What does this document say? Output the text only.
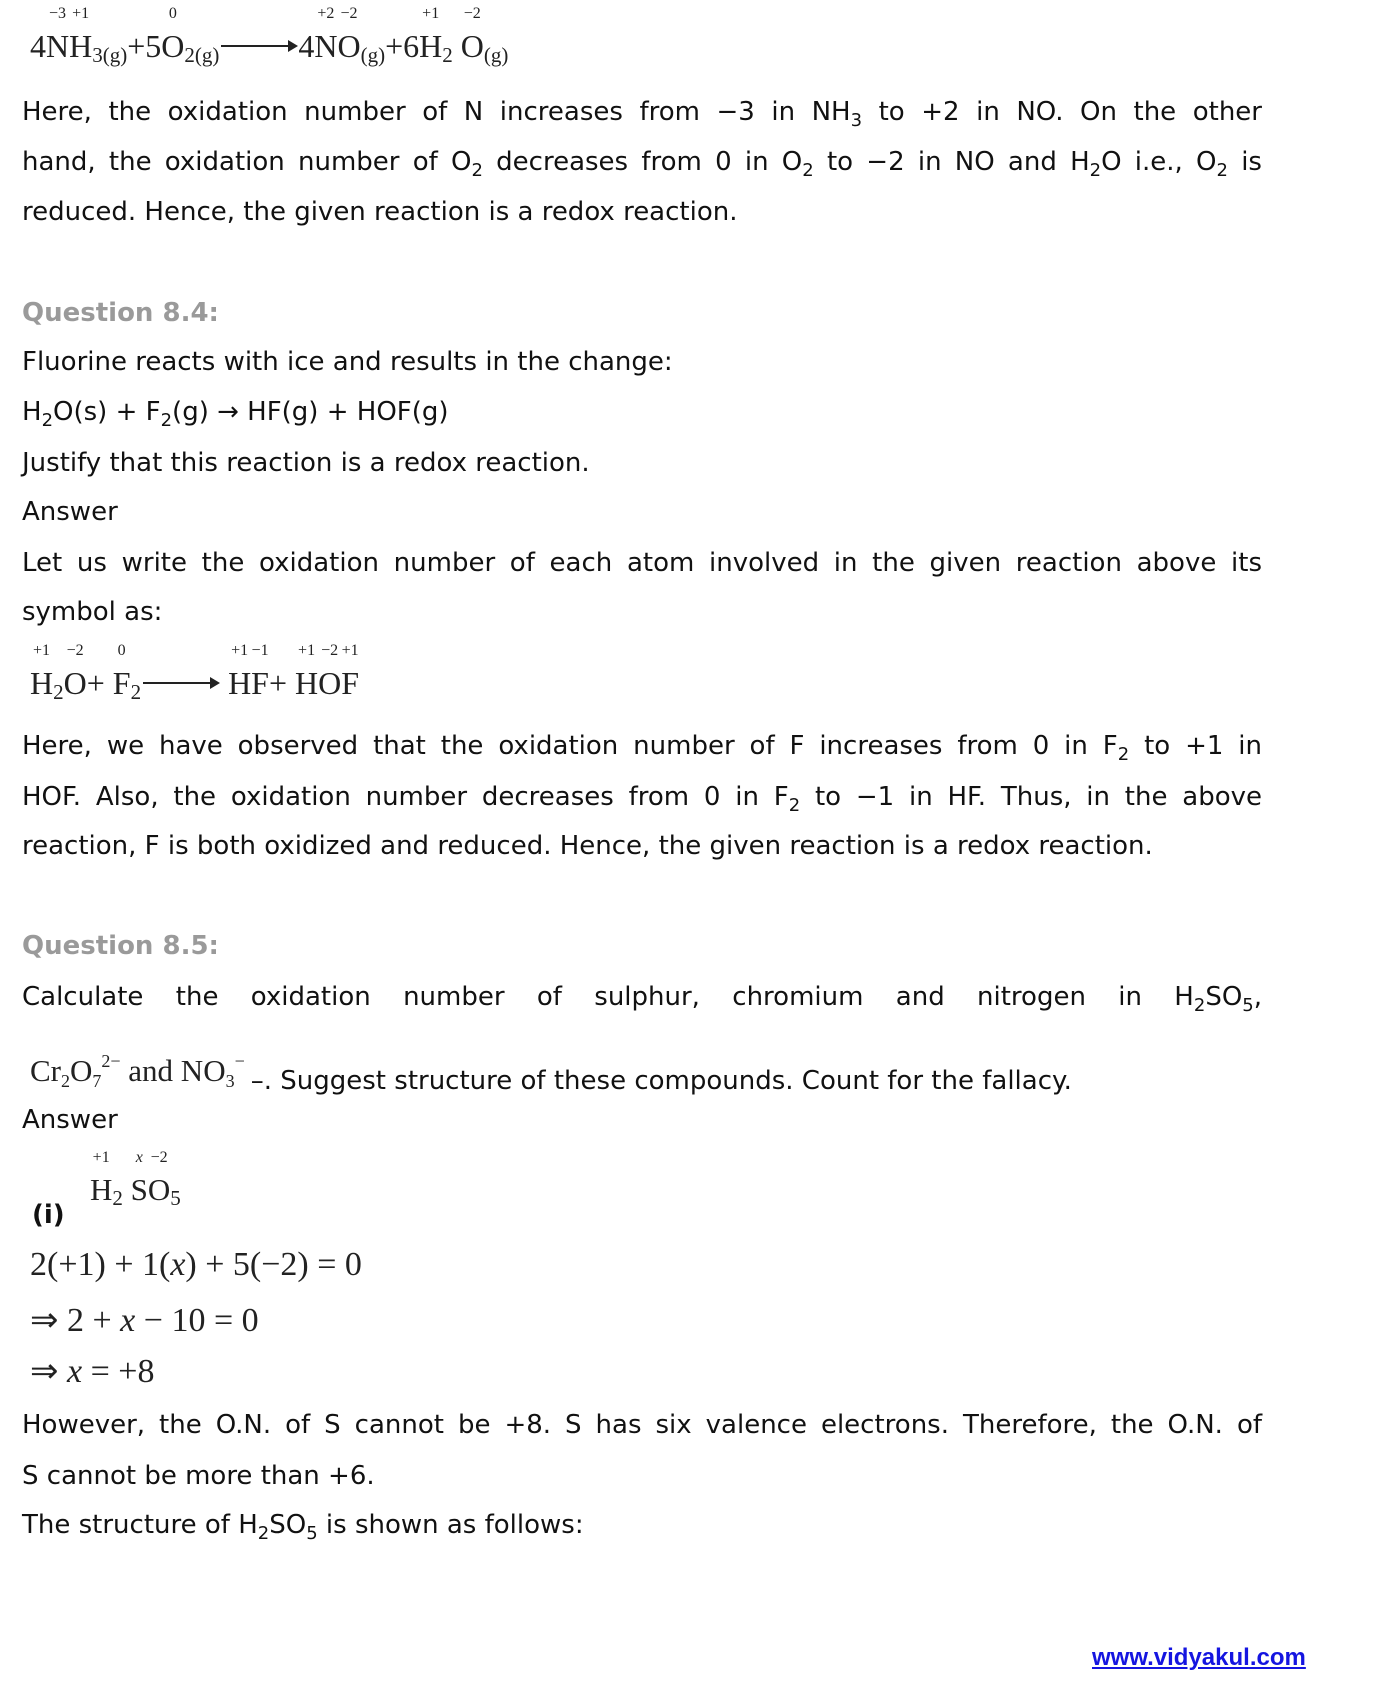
4N
−3
H
+1
$_{3(g)}$+5O
0
$_{2(g)}$ → 4N
+2
O
−2
$_{(g)}$+6H
+1
$_2$ O
−2
$_{(g)}$
Here, the oxidation number of N increases from −3 in $NH_3$ to +2 in NO. On the other
hand, the oxidation number of $O_2$ decreases from 0 in $O_2$ to −2 in NO and $H_2O$ i.e., $O_2$ is
reduced. Hence, the given reaction is a redox reaction.
Question 8.4:
Fluorine reacts with ice and results in the change:
$H_2O(s) + F_2(g) \to HF(g) + HOF(g)$
Justify that this reaction is a redox reaction.
Answer
Let us write the oxidation number of each atom involved in the given reaction above its
symbol as:
H
+1
$_2$O
−2
+ F
0
$_2$ → H
+1
F
−1
+ H
+1
O
−2
F
+1
Here, we have observed that the oxidation number of F increases from 0 in $F_2$ to +1 in
HOF. Also, the oxidation number decreases from 0 in $F_2$ to −1 in HF. Thus, in the above
reaction, F is both oxidized and reduced. Hence, the given reaction is a redox reaction.
Question 8.5:
Calculate the oxidation number of sulphur, chromium and nitrogen in $H_2SO_5$,
$Cr_2O_7^{2-}$ and $NO_3^--$. Suggest structure of these compounds. Count for the fallacy.
Answer
(i)
H
+1
$_2$ S
x
O
−2
$_5$
2(+1) + 1(x) + 5(−2) = 0
⇒ 2 + x − 10 = 0
⇒ x = +8
However, the O.N. of S cannot be +8. S has six valence electrons. Therefore, the O.N. of
S cannot be more than +6.
The structure of $H_2SO_5$ is shown as follows:
www.vidyakul.com
